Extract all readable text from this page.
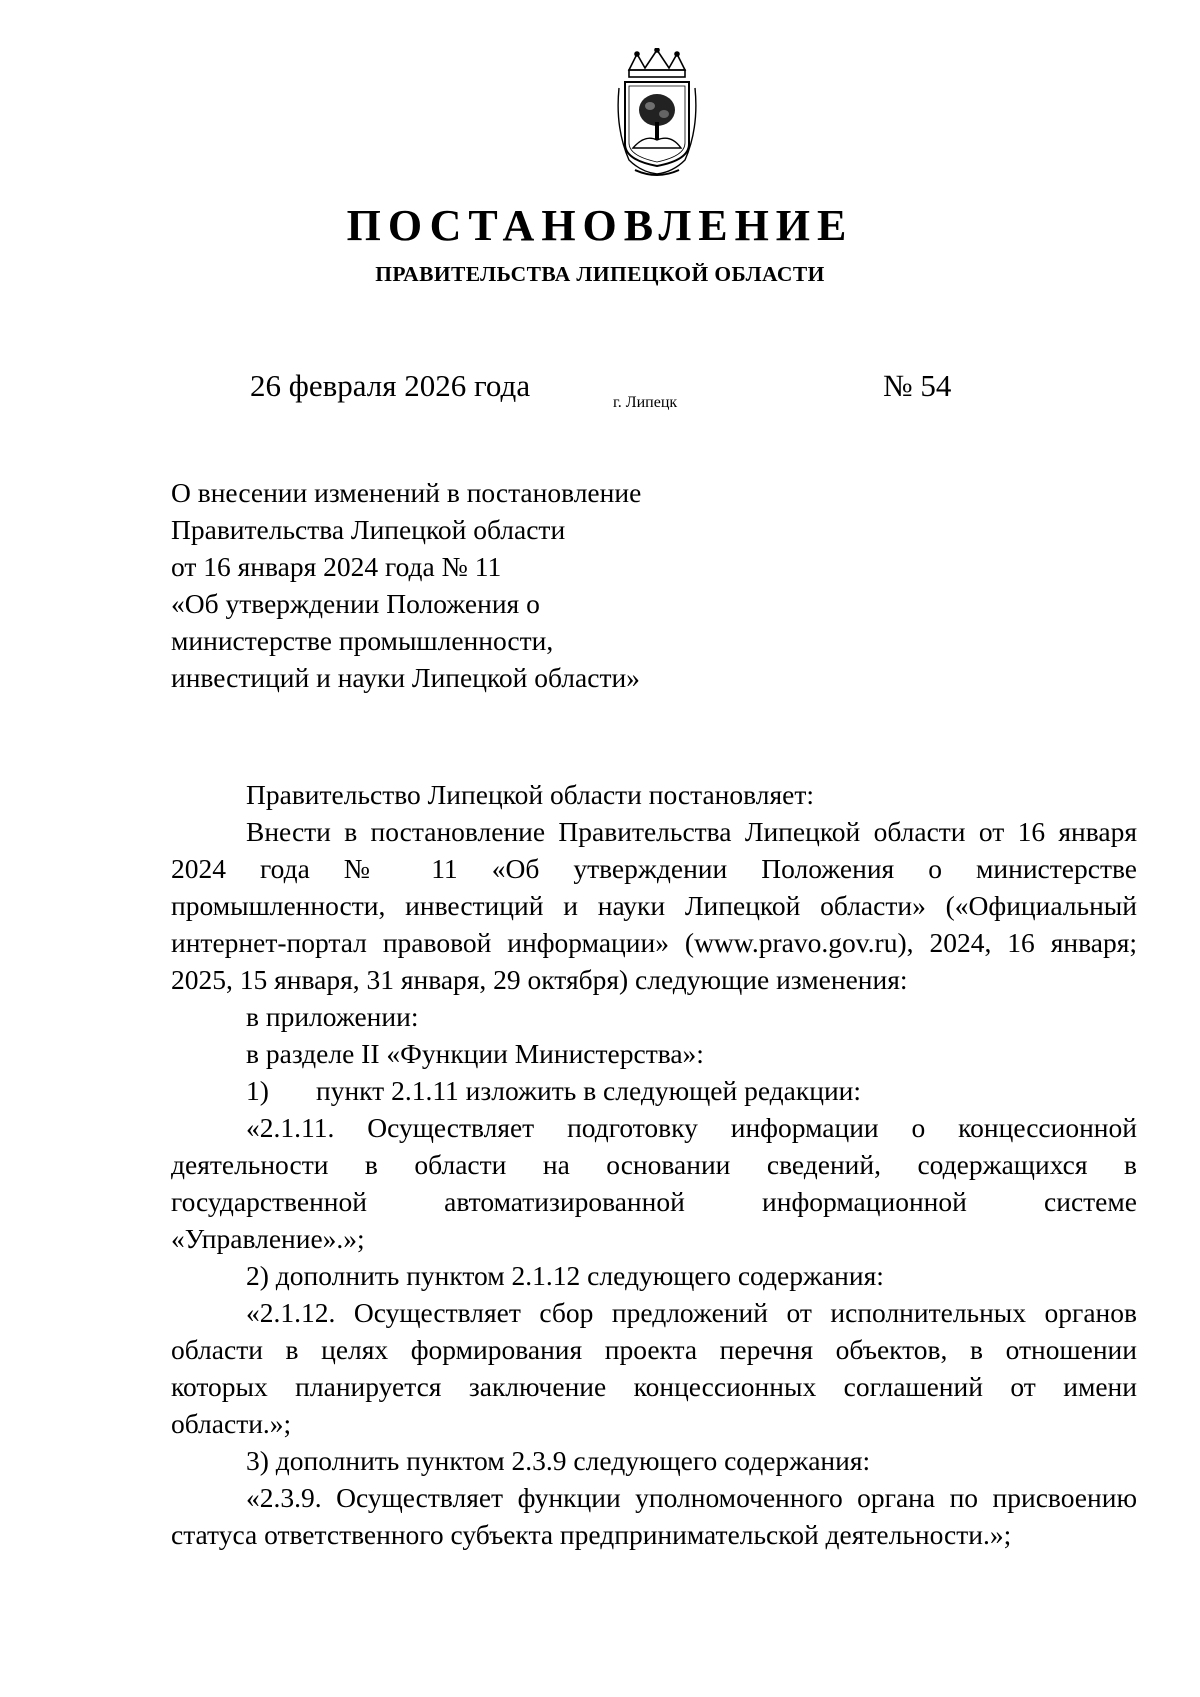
ПОСТАНОВЛЕНИЕ
ПРАВИТЕЛЬСТВА ЛИПЕЦКОЙ ОБЛАСТИ
26 февраля 2026 года	г. Липецк	№ 54
О внесении изменений в постановление
Правительства Липецкой области
от 16 января 2024 года № 11
«Об утверждении Положения о
министерстве промышленности,
инвестиций и науки Липецкой области»
Правительство Липецкой области постановляет:
Внести в постановление Правительства Липецкой области от 16 января
2024 года № 11 «Об утверждении Положения о министерстве
промышленности, инвестиций и науки Липецкой области» («Официальный
интернет-портал правовой информации» (www.pravo.gov.ru), 2024, 16 января;
2025, 15 января, 31 января, 29 октября) следующие изменения:
в приложении:
в разделе II «Функции Министерства»:
1) пункт 2.1.11 изложить в следующей редакции:
«2.1.11. Осуществляет подготовку информации о концессионной
деятельности в области на основании сведений, содержащихся в
государственной автоматизированной информационной системе
«Управление».»;
2) дополнить пунктом 2.1.12 следующего содержания:
«2.1.12. Осуществляет сбор предложений от исполнительных органов
области в целях формирования проекта перечня объектов, в отношении
которых планируется заключение концессионных соглашений от имени
области.»;
3) дополнить пунктом 2.3.9 следующего содержания:
«2.3.9. Осуществляет функции уполномоченного органа по присвоению
статуса ответственного субъекта предпринимательской деятельности.»;
